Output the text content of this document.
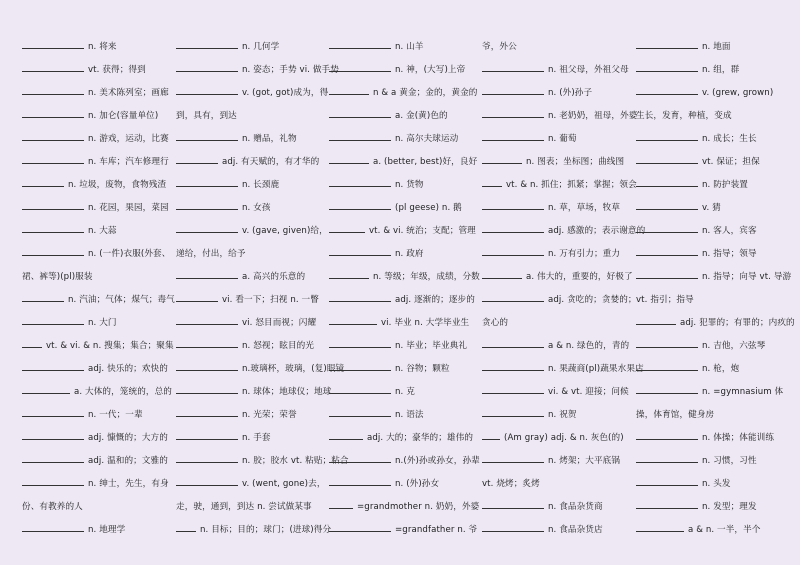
n. 将来
vt. 获得；得到
n. 美术陈列室；画廊
n. 加仑(容量单位)
n. 游戏，运动，比赛
n. 车库；汽车修理行
n. 垃圾，废物，食物残渣
n. 花园，果园，菜园
n. 大蒜
n. (一件)衣服(外套、
裙、裤等)(pl)服装
n. 汽油；气体；煤气；毒气
n. 大门
vt. & vi. & n. 搜集；集合；聚集
adj. 快乐的；欢快的
a. 大体的，笼统的，总的
n. 一代；一辈
adj. 慷慨的；大方的
adj. 温和的；文雅的
n. 绅士，先生，有身
份、有教养的人
n. 地理学
n. 几何学
n. 姿态；手势 vi. 做手势
v. (got, got)成为，得
到，具有，到达
n. 赠品，礼物
adj. 有天赋的，有才华的
n. 长颈鹿
n. 女孩
v. (gave, given)给，
递给，付出，给予
a. 高兴的乐意的
vi. 看一下；扫视 n. 一瞥
vi. 怒目而视；闪耀
n. 怒视；眩目的光
n.玻璃杯，玻璃，(复)眼镜
n. 球体；地球仪；地球
n. 光荣；荣誉
n. 手套
n. 胶；胶水 vt. 粘贴；粘合
v. (went, gone)去，
走，驶，通到，到达 n. 尝试做某事
n. 目标；目的；球门；(进球)得分
n. 山羊
n. 神，(大写)上帝
n & a 黄金；金的，黄金的
a. 金(黄)色的
n. 高尔夫球运动
a. (better, best)好，良好
n. 货物
(pl geese) n. 鹅
vt. & vi. 统治；支配；管理
n. 政府
n. 等级；年级，成绩，分数
adj. 逐渐的；逐步的
vi. 毕业 n. 大学毕业生
n. 毕业；毕业典礼
n. 谷物；颗粒
n. 克
n. 语法
adj. 大的；豪华的；雄伟的
n.(外)孙或孙女，孙辈
n. (外)孙女
=grandmother n. 奶奶，外婆
=grandfather n. 爷
爷，外公
n. 祖父母，外祖父母
n. (外)孙子
n. 老奶奶，祖母，外婆
n. 葡萄
n. 图表；坐标图；曲线图
vt. & n. 抓住；抓紧；掌握；领会
n. 草，草场，牧草
adj. 感激的；表示谢意的
n. 万有引力；重力
a. 伟大的，重要的，好极了
adj. 贪吃的；贪婪的；
贪心的
a & n. 绿色的，青的
n. 果蔬商(pl)蔬果水果店
vi. & vt. 迎接；问候
n. 祝贺
(Am gray) adj. & n. 灰色(的)
n. 烤架；大平底锅
vt. 烧烤；炙烤
n. 食品杂货商
n. 食品杂货店
n. 地面
n. 组，群
v. (grew, grown)
生长，发育，种植，变成
n. 成长；生长
vt. 保证；担保
n. 防护装置
v. 猜
n. 客人，宾客
n. 指导；领导
n. 指导；向导 vt. 导游
vt. 指引；指导
adj. 犯罪的；有罪的；内疚的
n. 吉他，六弦琴
n. 枪，炮
n. =gymnasium 体
操，体育馆，健身房
n. 体操；体能训练
n. 习惯，习性
n. 头发
n. 发型；理发
a & n. 一半，半个
